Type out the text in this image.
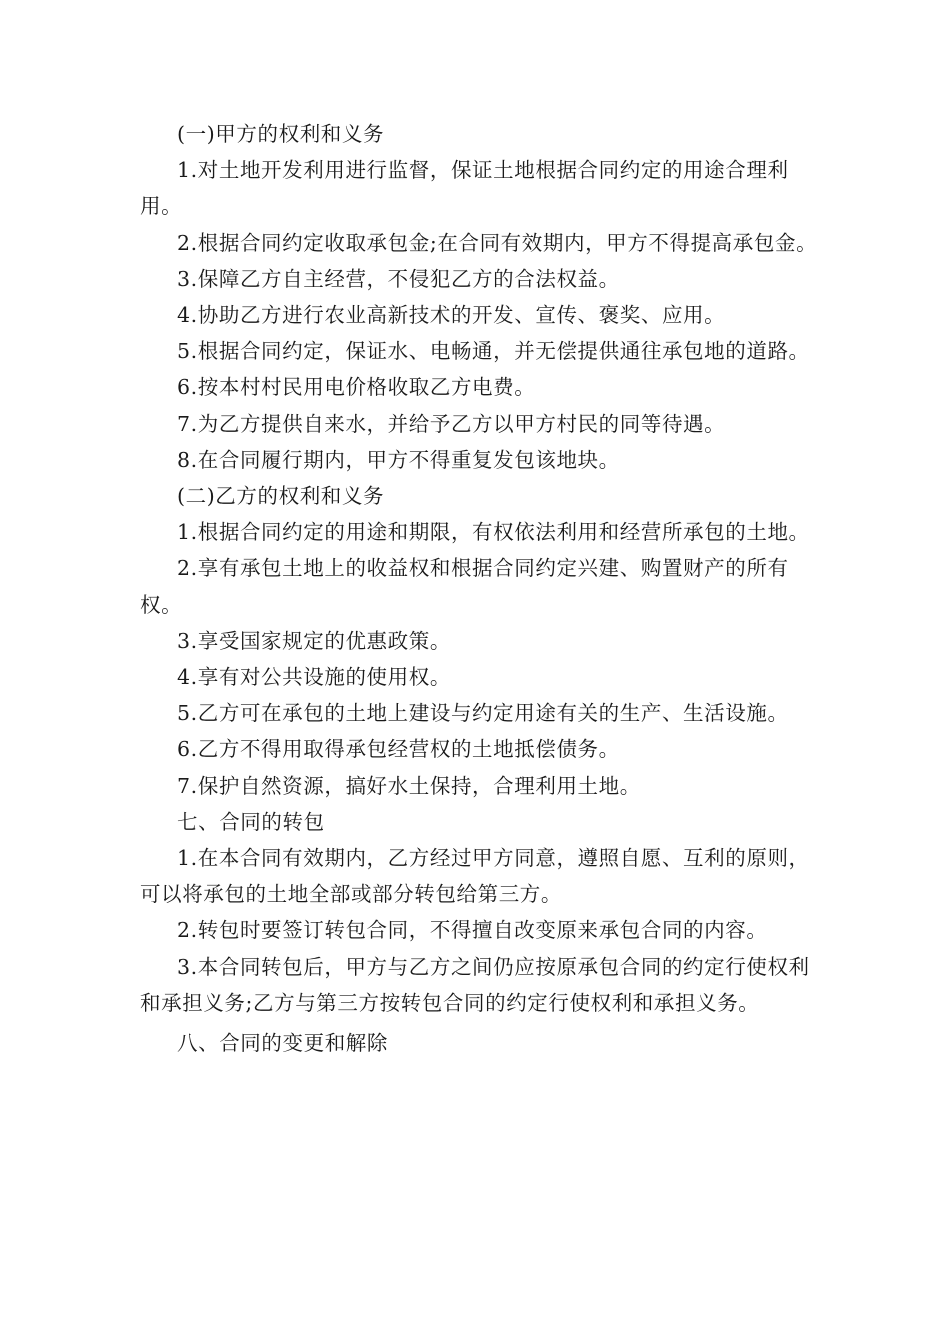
(一)甲方的权利和义务

1.对土地开发利用进行监督，保证土地根据合同约定的用途合理利用。

2.根据合同约定收取承包金;在合同有效期内，甲方不得提高承包金。

3.保障乙方自主经营，不侵犯乙方的合法权益。

4.协助乙方进行农业高新技术的开发、宣传、褒奖、应用。

5.根据合同约定，保证水、电畅通，并无偿提供通往承包地的道路。

6.按本村村民用电价格收取乙方电费。

7.为乙方提供自来水，并给予乙方以甲方村民的同等待遇。

8.在合同履行期内，甲方不得重复发包该地块。

(二)乙方的权利和义务

1.根据合同约定的用途和期限，有权依法利用和经营所承包的土地。

2.享有承包土地上的收益权和根据合同约定兴建、购置财产的所有权。

3.享受国家规定的优惠政策。

4.享有对公共设施的使用权。

5.乙方可在承包的土地上建设与约定用途有关的生产、生活设施。

6.乙方不得用取得承包经营权的土地抵偿债务。

7.保护自然资源，搞好水土保持，合理利用土地。

七、合同的转包

1.在本合同有效期内，乙方经过甲方同意，遵照自愿、互利的原则，可以将承包的土地全部或部分转包给第三方。

2.转包时要签订转包合同，不得擅自改变原来承包合同的内容。

3.本合同转包后，甲方与乙方之间仍应按原承包合同的约定行使权利和承担义务;乙方与第三方按转包合同的约定行使权利和承担义务。

八、合同的变更和解除
